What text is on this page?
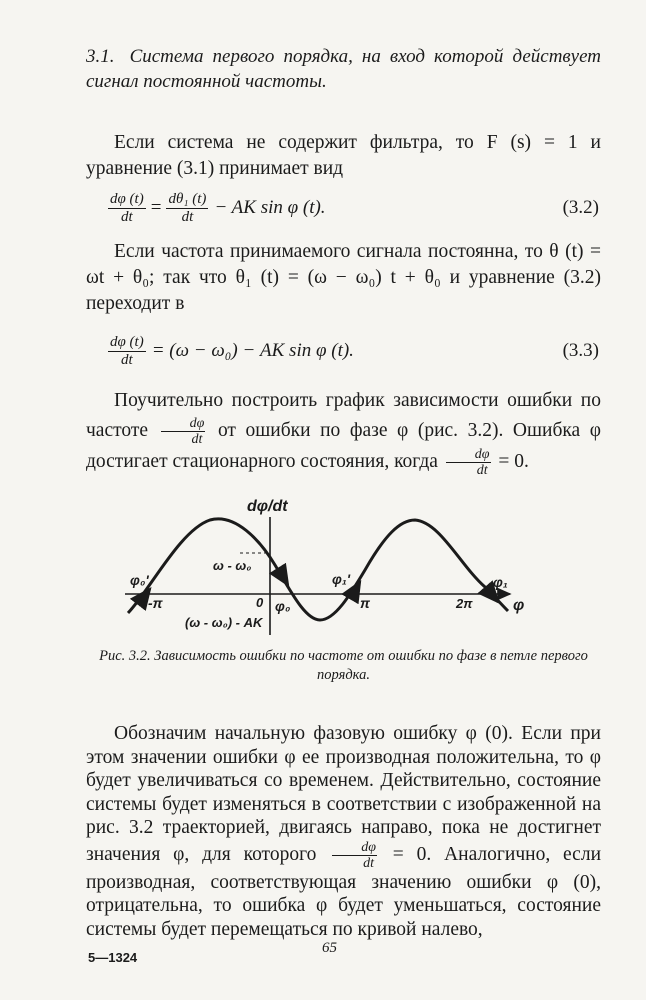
3.1. Система первого порядка, на вход которой действует сигнал постоянной частоты.

Если система не содержит фильтра, то F (s) = 1 и уравнение (3.1) принимает вид

$\frac{d\varphi (t)}{dt} = \frac{\text{dθ₁ (t)}}{dt}$ − AK sin φ (t).	(3.2)

Если частота принимаемого сигнала постоянна, то θ (t) = ωt + θ₀; так что θ₁ (t) = (ω − ω₀) t + θ₀ и уравнение (3.2) переходит в

$\frac{d\varphi (t)}{dt} = (\omega - \omega_0)$ − AK sin φ (t).	(3.3)

Поучительно построить график зависимости ошибки по частоте $\frac{d\varphi}{dt}$ от ошибки по фазе φ (рис. 3.2). Ошибка φ достигает стационарного состояния, когда $\frac{d\varphi}{dt} = 0$.

dφ/dt
φ
ω - ω₀
(ω - ω₀) - AK
0
-π	π	2π
φ₀
φ₀'	φ₁'	φ₁

Рис. 3.2. Зависимость ошибки по частоте от ошибки по фазе в петле первого порядка.

Обозначим начальную фазовую ошибку φ (0). Если при этом значении ошибки φ ее производная положительна, то φ будет увеличиваться со временем. Действительно, состояние системы будет изменяться в соответствии с изображенной на рис. 3.2 траекторией, двигаясь направо, пока не достигнет значения φ, для которого $\frac{d\varphi}{dt} = 0$. Аналогично, если производная, соответствующая значению ошибки φ (0), отрицательна, то ошибка φ будет уменьшаться, состояние системы будет перемещаться по кривой налево,

65
5—1324
